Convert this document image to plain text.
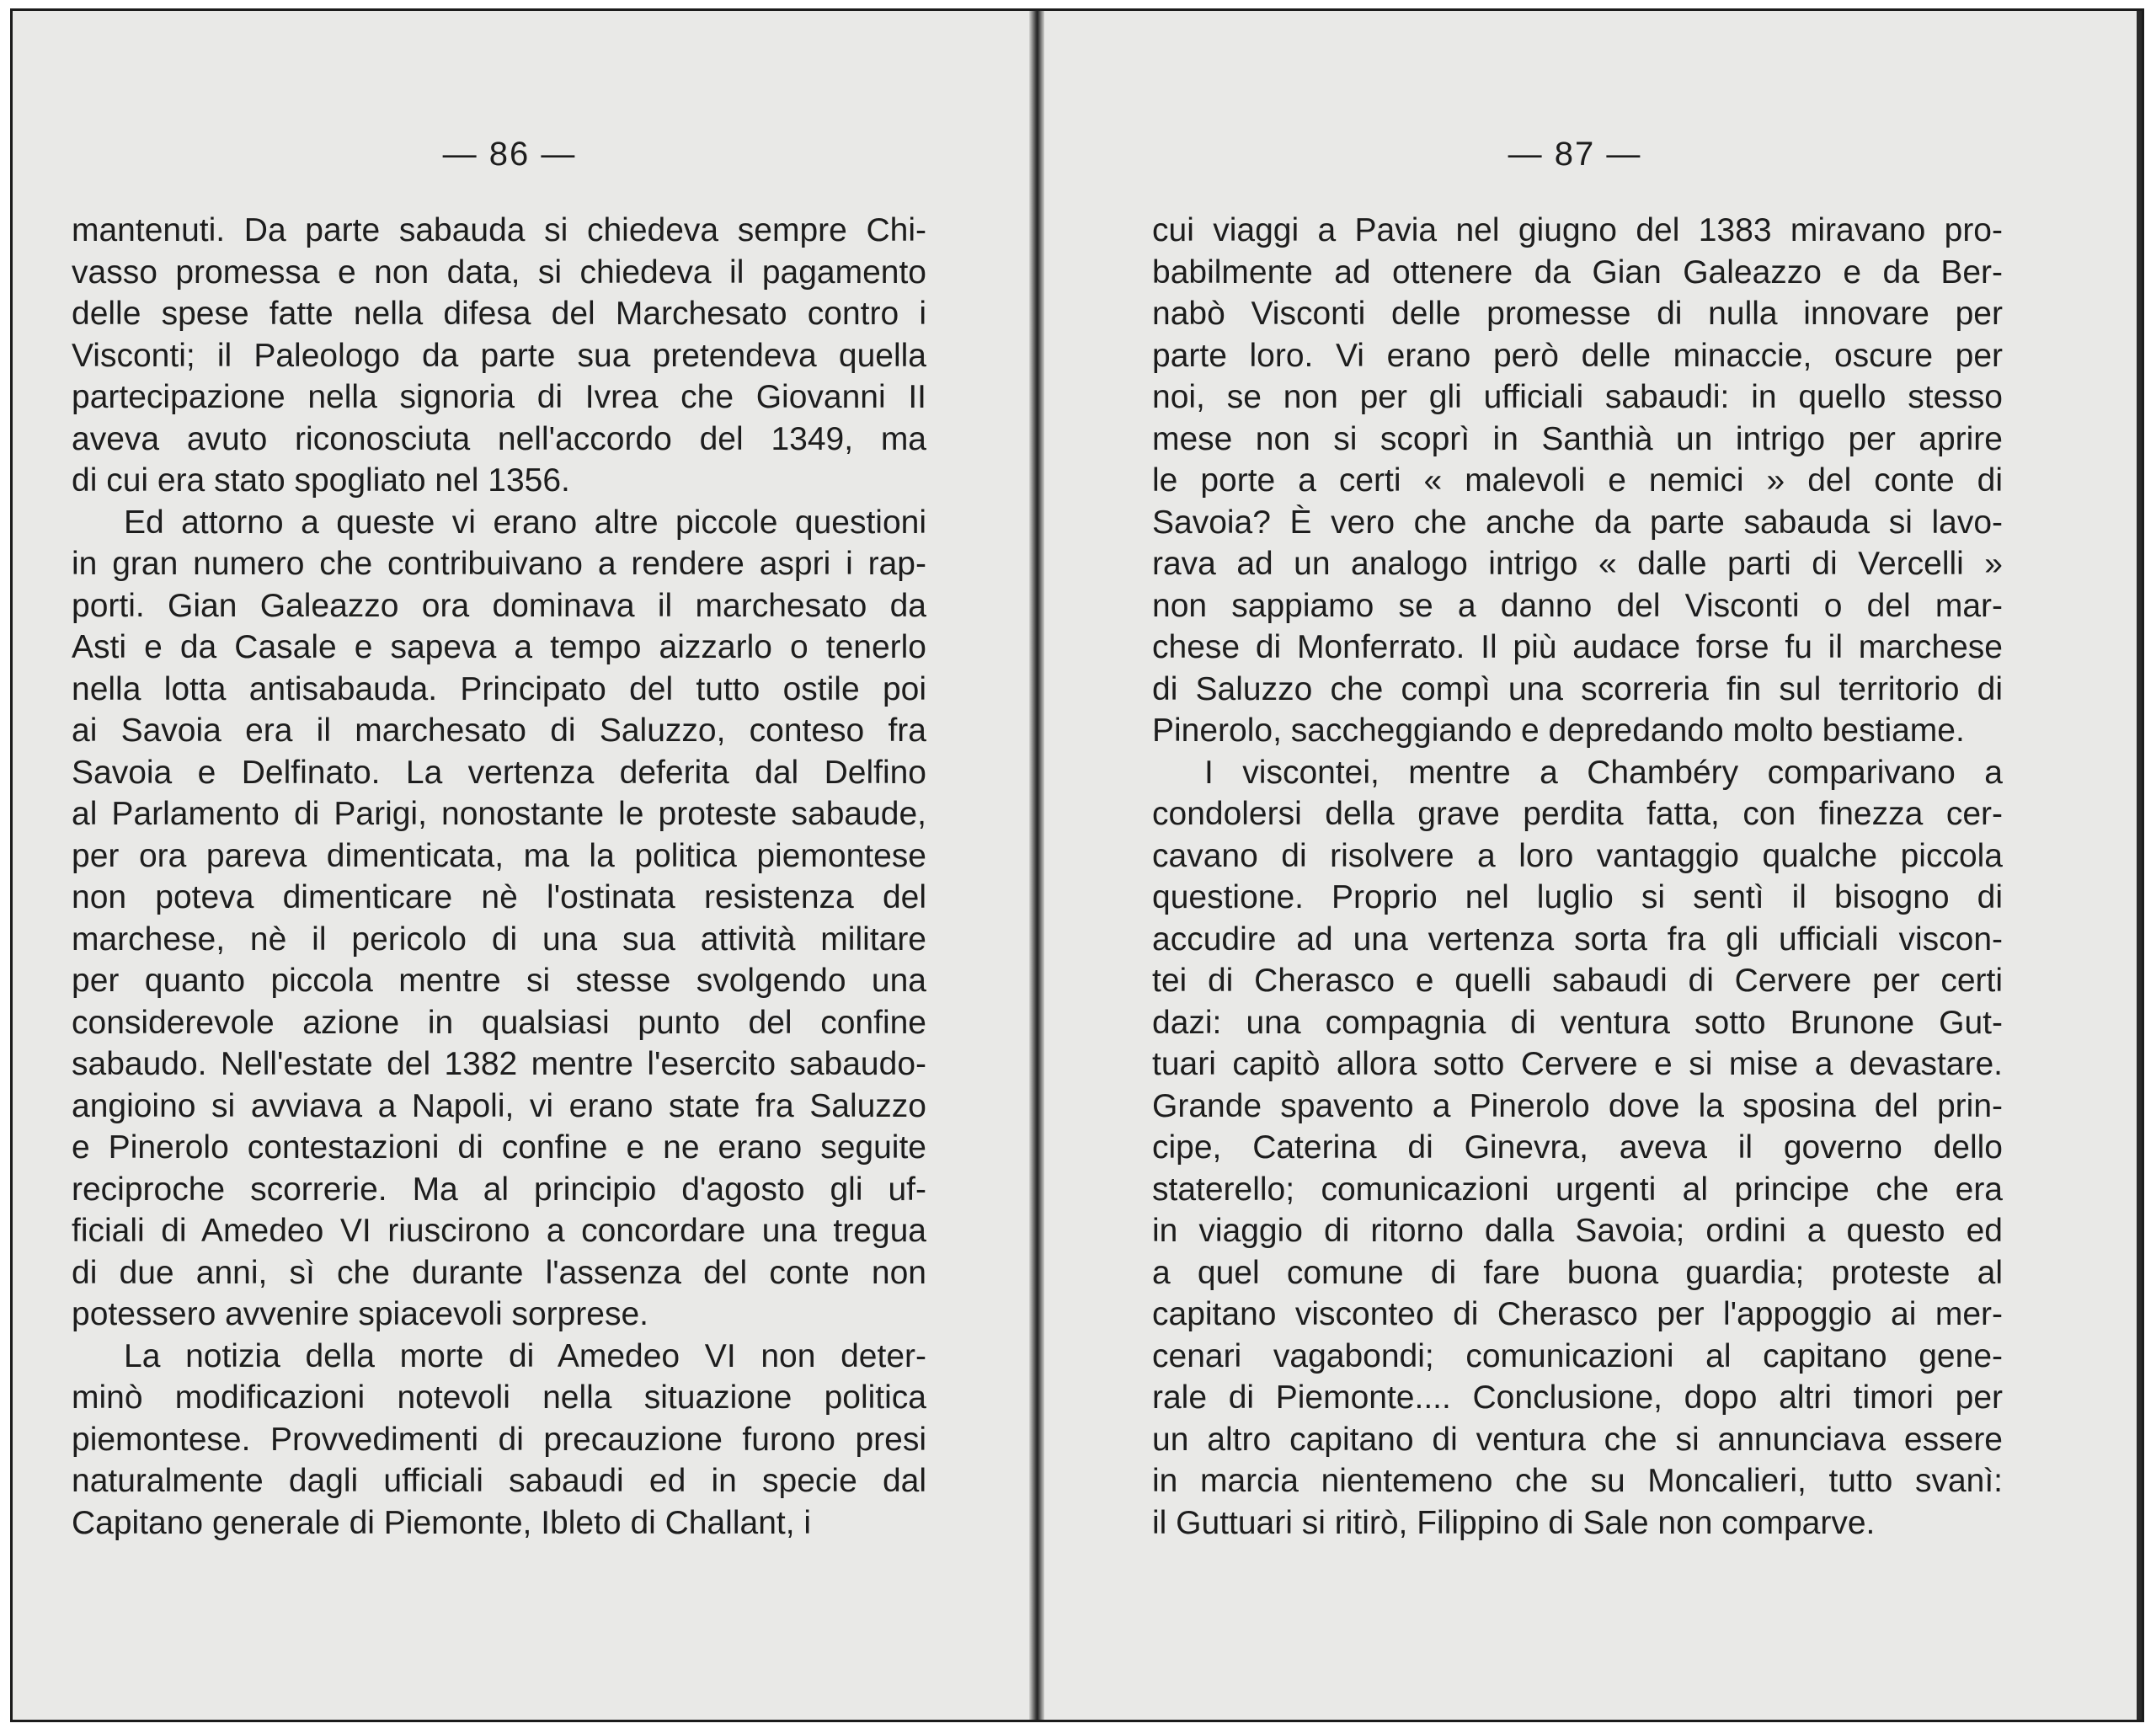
— 86 —
mantenuti. Da parte sabauda si chiedeva sempre Chi-
vasso promessa e non data, si chiedeva il pagamento
delle spese fatte nella difesa del Marchesato contro i
Visconti; il Paleologo da parte sua pretendeva quella
partecipazione nella signoria di Ivrea che Giovanni II
aveva avuto riconosciuta nell'accordo del 1349, ma
di cui era stato spogliato nel 1356.
Ed attorno a queste vi erano altre piccole questioni
in gran numero che contribuivano a rendere aspri i rap-
porti. Gian Galeazzo ora dominava il marchesato da
Asti e da Casale e sapeva a tempo aizzarlo o tenerlo
nella lotta antisabauda. Principato del tutto ostile poi
ai Savoia era il marchesato di Saluzzo, conteso fra
Savoia e Delfinato. La vertenza deferita dal Delfino
al Parlamento di Parigi, nonostante le proteste sabaude,
per ora pareva dimenticata, ma la politica piemontese
non poteva dimenticare nè l'ostinata resistenza del
marchese, nè il pericolo di una sua attività militare
per quanto piccola mentre si stesse svolgendo una
considerevole azione in qualsiasi punto del confine
sabaudo. Nell'estate del 1382 mentre l'esercito sabaudo-
angioino si avviava a Napoli, vi erano state fra Saluzzo
e Pinerolo contestazioni di confine e ne erano seguite
reciproche scorrerie. Ma al principio d'agosto gli uf-
ficiali di Amedeo VI riuscirono a concordare una tregua
di due anni, sì che durante l'assenza del conte non
potessero avvenire spiacevoli sorprese.
La notizia della morte di Amedeo VI non deter-
minò modificazioni notevoli nella situazione politica
piemontese. Provvedimenti di precauzione furono presi
naturalmente dagli ufficiali sabaudi ed in specie dal
Capitano generale di Piemonte, Ibleto di Challant, i
— 87 —
cui viaggi a Pavia nel giugno del 1383 miravano pro-
babilmente ad ottenere da Gian Galeazzo e da Ber-
nabò Visconti delle promesse di nulla innovare per
parte loro. Vi erano però delle minaccie, oscure per
noi, se non per gli ufficiali sabaudi: in quello stesso
mese non si scoprì in Santhià un intrigo per aprire
le porte a certi « malevoli e nemici » del conte di
Savoia? È vero che anche da parte sabauda si lavo-
rava ad un analogo intrigo « dalle parti di Vercelli »
non sappiamo se a danno del Visconti o del mar-
chese di Monferrato. Il più audace forse fu il marchese
di Saluzzo che compì una scorreria fin sul territorio di
Pinerolo, saccheggiando e depredando molto bestiame.
I viscontei, mentre a Chambéry comparivano a
condolersi della grave perdita fatta, con finezza cer-
cavano di risolvere a loro vantaggio qualche piccola
questione. Proprio nel luglio si sentì il bisogno di
accudire ad una vertenza sorta fra gli ufficiali viscon-
tei di Cherasco e quelli sabaudi di Cervere per certi
dazi: una compagnia di ventura sotto Brunone Gut-
tuari capitò allora sotto Cervere e si mise a devastare.
Grande spavento a Pinerolo dove la sposina del prin-
cipe, Caterina di Ginevra, aveva il governo dello
staterello; comunicazioni urgenti al principe che era
in viaggio di ritorno dalla Savoia; ordini a questo ed
a quel comune di fare buona guardia; proteste al
capitano visconteo di Cherasco per l'appoggio ai mer-
cenari vagabondi; comunicazioni al capitano gene-
rale di Piemonte.... Conclusione, dopo altri timori per
un altro capitano di ventura che si annunciava essere
in marcia nientemeno che su Moncalieri, tutto svanì:
il Guttuari si ritirò, Filippino di Sale non comparve.
